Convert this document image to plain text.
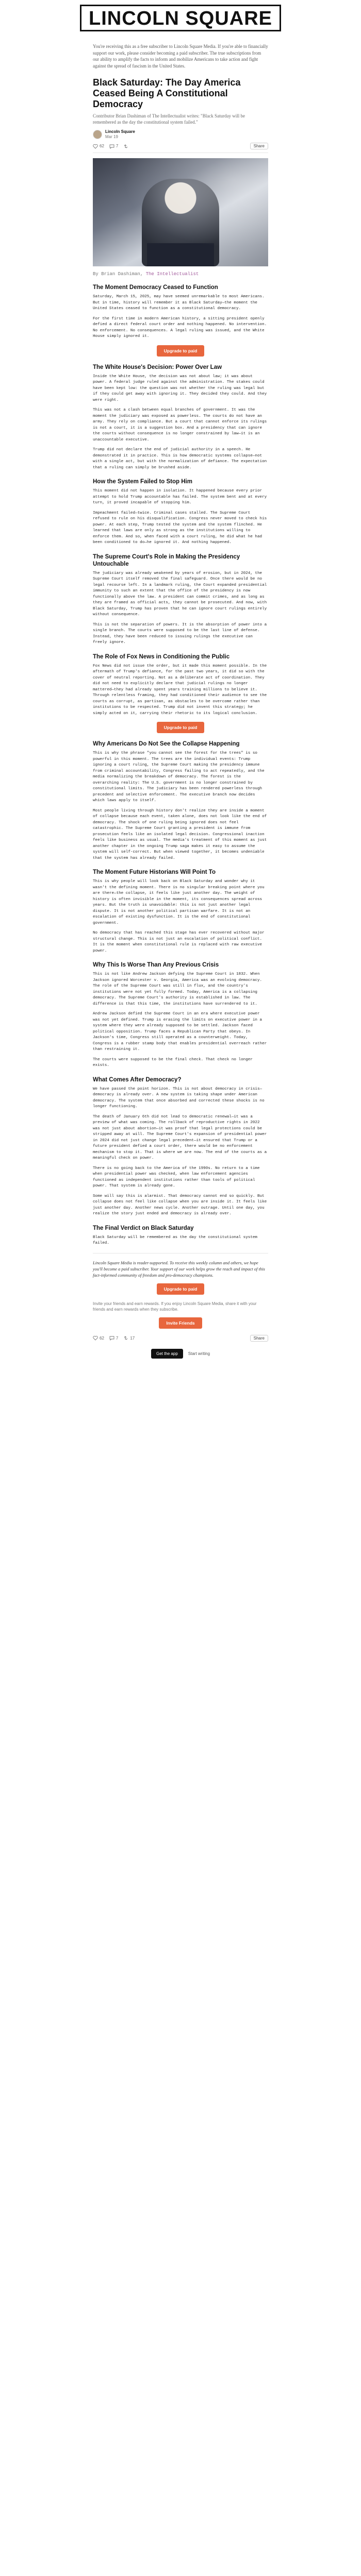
LINCOLN SQUARE
You're receiving this as a free subscriber to Lincoln Square Media. If you're able to financially support our work, please consider becoming a paid subscriber. The true subscriptions from our ability to amplify the facts to inform and mobilize Americans to take action and fight against the spread of fascism in the United States.
Black Saturday: The Day America Ceased Being A Constitutional Democracy
Contributor Brian Dashiman of The Intellectualist writes: "Black Saturday will be remembered as the day the constitutional system failed."
Lincoln Square
Mar 19
62	7	Share
By Brian Dashiman, The Intellectualist
The Moment Democracy Ceased to Function
Saturday, March 15, 2025, may have seemed unremarkable to most Americans. But in time, history will remember it as Black Saturday—the moment the United States ceased to function as a constitutional democracy.
For the first time in modern American history, a sitting president openly defied a direct federal court order and nothing happened. No intervention. No enforcement. No consequences. A legal ruling was issued, and the White House simply ignored it.
Upgrade to paid
The White House's Decision: Power Over Law
Inside the White House, the decision was not about law; it was about power. A federal judge ruled against the administration. The stakes could have been kept low: the question was not whether the ruling was legal but if they could get away with ignoring it. They decided they could. And they were right.
This was not a clash between equal branches of government. It was the moment the judiciary was exposed as powerless. The courts do not have an army. They rely on compliance. But a court that cannot enforce its rulings is not a court, it is a suggestion box. And a presidency that can ignore the courts without consequence is no longer constrained by law—it is an unaccountable executive.
Trump did not declare the end of judicial authority in a speech. He demonstrated it in practice. This is how democratic systems collapse—not with a single act, but with the normalization of defiance. The expectation that a ruling can simply be brushed aside.
How the System Failed to Stop Him
This moment did not happen in isolation. It happened because every prior attempt to hold Trump accountable has failed. The system bent and at every turn, it proved incapable of stopping him.
Impeachment failed—twice. Criminal cases stalled. The Supreme Court refused to rule on his disqualification. Congress never moved to check his power. At each step, Trump tested the system and the system flinched. He learned that laws are only as strong as the institutions willing to enforce them. And so, when faced with a court ruling, he did what he had been conditioned to do—he ignored it. And nothing happened.
The Supreme Court's Role in Making the Presidency Untouchable
The judiciary was already weakened by years of erosion, but in 2024, the Supreme Court itself removed the final safeguard. Once there would be no legal recourse left. In a landmark ruling, the Court expanded presidential immunity to such an extent that the office of the presidency is now functionally above the law. A president can commit crimes, and as long as they are framed as official acts, they cannot be prosecuted. And now, with Black Saturday, Trump has proven that he can ignore court rulings entirely without consequence.
This is not the separation of powers. It is the absorption of power into a single branch. The courts were supposed to be the last line of defense. Instead, they have been reduced to issuing rulings the executive can freely ignore.
The Role of Fox News in Conditioning the Public
Fox News did not issue the order, but it made this moment possible. In the aftermath of Trump's defiance, for the past two years, it did so with the cover of neutral reporting. Not as a deliberate act of coordination. They did not need to explicitly declare that judicial rulings no longer mattered—they had already spent years training millions to believe it. Through relentless framing, they had conditioned their audience to see the courts as corrupt, as partisan, as obstacles to be overcome rather than institutions to be respected. Trump did not invent this strategy; he simply acted on it, carrying their rhetoric to its logical conclusion.
Upgrade to paid
Why Americans Do Not See the Collapse Happening
This is why the phrase "you cannot see the forest for the trees" is so powerful in this moment. The trees are the individual events: Trump ignoring a court ruling, the Supreme Court making the presidency immune from criminal accountability, Congress failing to act repeatedly, and the media normalizing the breakdown of democracy. The forest is the overarching reality: The U.S. government is no longer constrained by constitutional limits. The judiciary has been rendered powerless through precedent and selective enforcement. The executive branch now decides which laws apply to itself.
Most people living through history don't realize they are inside a moment of collapse because each event, taken alone, does not look like the end of democracy. The shock of one ruling being ignored does not feel catastrophic. The Supreme Court granting a president is immune from prosecution feels like an isolated legal decision. Congressional inaction feels like business as usual. The media's treatment of this moment as just another chapter in the ongoing Trump saga makes it easy to assume the system will self-correct. But when viewed together, it becomes undeniable that the system has already failed.
The Moment Future Historians Will Point To
This is why people will look back on Black Saturday and wonder why it wasn't the defining moment. There is no singular breaking point where you are there—the collapse, it feels like just another day. The weight of history is often invisible in the moment, its consequences spread across years. But the truth is unavoidable: this is not just another legal dispute. It is not another political partisan warfare. It is not an escalation of existing dysfunction. It is the end of constitutional government.
No democracy that has reached this stage has ever recovered without major structural change. This is not just an escalation of political conflict. It is the moment when constitutional rule is replaced with raw executive power.
Why This Is Worse Than Any Previous Crisis
This is not like Andrew Jackson defying the Supreme Court in 1832. When Jackson ignored Worcester v. Georgia, America was an evolving democracy. The role of the Supreme Court was still in flux, and the country's institutions were not yet fully formed. Today, America is a collapsing democracy. The Supreme Court's authority is established in law. The difference is that this time, the institutions have surrendered to it.
Andrew Jackson defied the Supreme Court in an era where executive power was not yet defined. Trump is erasing the limits on executive power in a system where they were already supposed to be settled. Jackson faced political opposition. Trump faces a Republican Party that obeys. In Jackson's time, Congress still operated as a counterweight. Today, Congress is a rubber stamp body that enables presidential overreach rather than restraining it.
The courts were supposed to be the final check. That check no longer exists.
What Comes After Democracy?
We have passed the point horizon. This is not about democracy in crisis—democracy is already over. A new system is taking shape under American democracy. The system that once absorbed and corrected these shocks is no longer functioning.
The death of January 6th did not lead to democratic renewal—it was a preview of what was coming. The rollback of reproductive rights in 2022 was not just about abortion—it was proof that legal protections could be stripped away at will. The Supreme Court's expansion of presidential power in 2024 did not just change legal precedent—it ensured that Trump or a future president defied a court order, there would be no enforcement mechanism to stop it. That is where we are now. The end of the courts as a meaningful check on power.
There is no going back to the America of the 1990s. No return to a time when presidential power was checked, when law enforcement agencies functioned as independent institutions rather than tools of political power. That system is already gone.
Some will say this is alarmist. That democracy cannot end so quickly. But collapse does not feel like collapse when you are inside it. It feels like just another day. Another news cycle. Another outrage. Until one day, you realize the story just ended and democracy is already over.
The Final Verdict on Black Saturday
Black Saturday will be remembered as the day the constitutional system failed.
Lincoln Square Media is reader-supported. To receive this weekly column and others, we hope you'll become a paid subscriber. Your support of our work helps grow the reach and impact of this fact-informed community of freedom and pro-democracy champions.
Upgrade to paid
Invite your friends and earn rewards. If you enjoy Lincoln Square Media, share it with your friends and earn rewards when they subscribe.
Invite Friends
62	7	17	Share
Get the app	Start writing
